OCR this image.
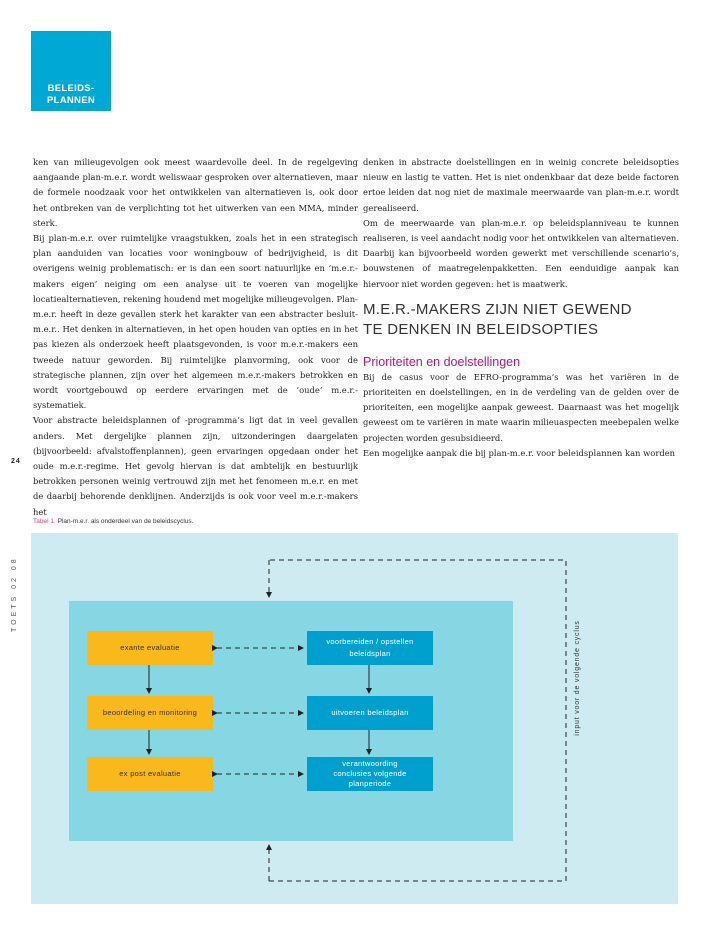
BELEIDS-
PLANNEN

ken van milieugevolgen ook meest waardevolle deel. In de regelgeving aangaande plan-m.e.r. wordt weliswaar gesproken over alternatieven, maar de formele noodzaak voor het ontwikkelen van alternatieven is, ook door het ontbreken van de verplichting tot het uitwerken van een MMA, minder sterk.

Bij plan-m.e.r. over ruimtelijke vraagstukken, zoals het in een strategisch plan aanduiden van locaties voor woningbouw of bedrijvigheid, is dit overigens weinig problematisch: er is dan een soort natuurlijke en ‘m.e.r.-makers eigen’ neiging om een analyse uit te voeren van mogelijke locatiealternatieven, rekening houdend met mogelijke milieugevolgen. Plan-m.e.r. heeft in deze gevallen sterk het karakter van een abstracter besluit-m.e.r.. Het denken in alternatieven, in het open houden van opties en in het pas kiezen als onderzoek heeft plaatsgevonden, is voor m.e.r.-makers een tweede natuur geworden. Bij ruimtelijke planvorming, ook voor de strategische plannen, zijn over het algemeen m.e.r.-makers betrokken en wordt voortgebouwd op eerdere ervaringen met de ‘oude’ m.e.r.-systematiek.

Voor abstracte beleidsplannen of -programma’s ligt dat in veel gevallen anders. Met dergelijke plannen zijn, uitzonderingen daargelaten (bijvoorbeeld: afvalstoffenplannen), geen ervaringen opgedaan onder het oude m.e.r.-regime. Het gevolg hiervan is dat ambtelijk en bestuurlijk betrokken personen weinig vertrouwd zijn met het fenomeen m.e.r. en met de daarbij behorende denklijnen. Anderzijds is ook voor veel m.e.r.-makers het

24
TOETS 02 08

denken in abstracte doelstellingen en in weinig concrete beleidsopties nieuw en lastig te vatten. Het is niet ondenkbaar dat deze beide factoren ertoe leiden dat nog niet de maximale meerwaarde van plan-m.e.r. wordt gerealiseerd.

Om de meerwaarde van plan-m.e.r. op beleidsplanniveau te kunnen realiseren, is veel aandacht nodig voor het ontwikkelen van alternatieven. Daarbij kan bijvoorbeeld worden gewerkt met verschillende scenario’s, bouwstenen of maatregelenpakketten. Een eenduidige aanpak kan hiervoor niet worden gegeven: het is maatwerk.

M.E.R.-MAKERS ZIJN NIET GEWEND
TE DENKEN IN BELEIDSOPTIES
Prioriteiten en doelstellingen

Bij de casus voor de EFRO-programma’s was het variëren in de prioriteiten en doelstellingen, en in de verdeling van de gelden over de prioriteiten, een mogelijke aanpak geweest. Daarnaast was het mogelijk geweest om te variëren in mate waarin milieuaspecten meebepalen welke projecten worden gesubsidieerd.

Een mogelijke aanpak die bij plan-m.e.r. voor beleidsplannen kan worden

Tabel 1. Plan-m.e.r. als onderdeel van de beleidscyclus.
exante evaluatie
beoordeling en monitoring
ex post evaluatie
voorbereiden / opstellen
beleidsplan
uitvoeren beleidsplan
verantwoording
conclusies volgende
planperiode
input voor de volgende cyclus
